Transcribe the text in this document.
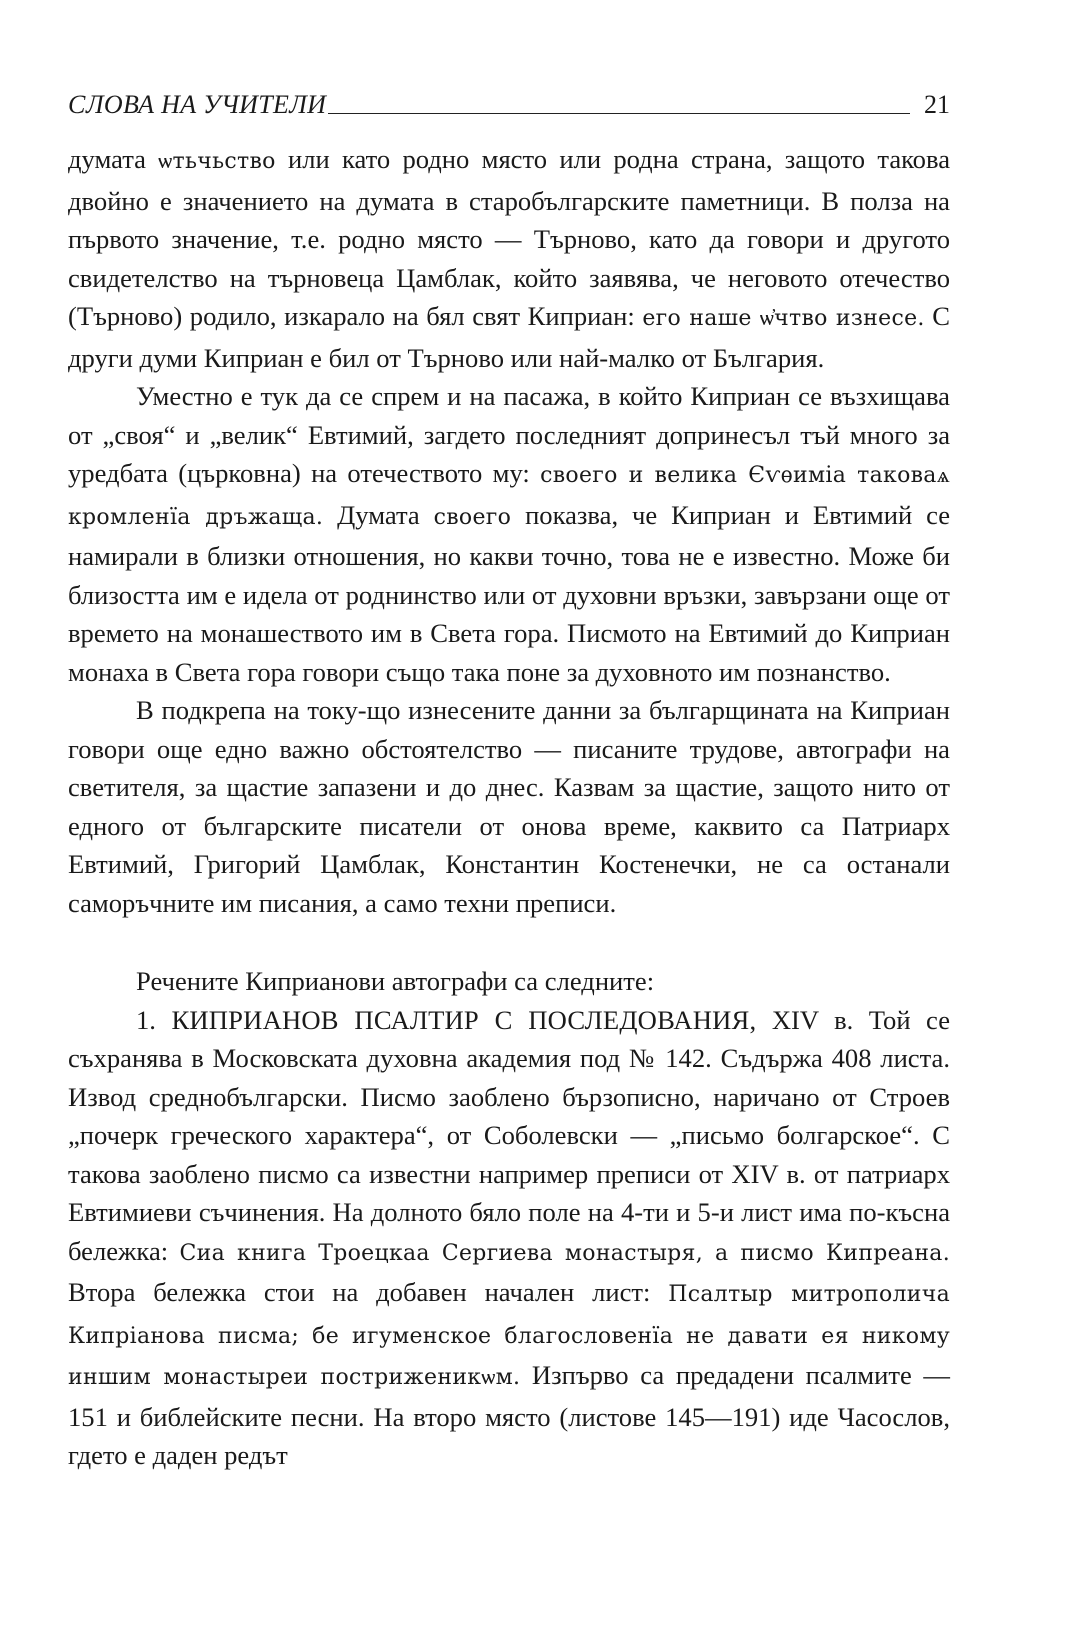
СЛОВА НА УЧИТЕЛИ	21

думата ѡтьчьство или като родно място или родна страна, защото такова двойно е значението на думата в старобългарските паметници. В полза на първото значение, т.е. родно място — Търново, като да говори и другото свидетелство на търновеца Цамблак, който заявява, че неговото отечество (Търново) родило, изкарало на бял свят Киприан: его наше ѡ҆чтво изнесе. С други думи Киприан е бил от Търново или най-малко от България.

Уместно е тук да се спрем и на пасажа, в който Киприан се възхищава от „своя“ и „велик“ Евтимий, загдето последният допринесъл тъй много за уредбата (църковна) на отечеството му: своего и велика Єѵѳиміа таковаѧ кромленїа дръжаща. Думата своего показва, че Киприан и Евтимий се намирали в близки отношения, но какви точно, това не е известно. Може би близостта им е идела от роднинство или от духовни връзки, завързани още от времето на монашеството им в Света гора. Писмото на Евтимий до Киприан монаха в Света гора говори също така поне за духовното им познанство.

В подкрепа на току-що изнесените данни за българщината на Киприан говори още едно важно обстоятелство — писаните трудове, автографи на светителя, за щастие запазени и до днес. Казвам за щастие, защото нито от едного от българските писатели от онова време, каквито са Патриарх Евтимий, Григорий Цамблак, Константин Костенечки, не са останали саморъчните им писания, а само техни преписи.

Речените Киприанови автографи са следните:

1. КИПРИАНОВ ПСАЛТИР С ПОСЛЕДОВАНИЯ, XIV в. Той се съхранява в Московската духовна академия под № 142. Съдържа 408 листа. Извод среднобългарски. Писмо заоблено бързописно, наричано от Строев „почерк греческого характера“, от Соболевски — „письмо болгарское“. С такова заоблено писмо са известни например преписи от XIV в. от патриарх Евтимиеви съчинения. На долното бяло поле на 4-ти и 5-и лист има по-късна бележка: Сиа книга Троецкаа Сергиева монастыря, а писмо Кипреана. Втора бележка стои на добавен начален лист: Псалтыр митрополича Кипріанова писма; бе игуменское благословенїа не давати ея никому иншим монастыреи постриженикѡм. Изпърво са предадени псалмите — 151 и библейските песни. На второ място (листове 145—191) иде Часослов, гдето е даден редът
